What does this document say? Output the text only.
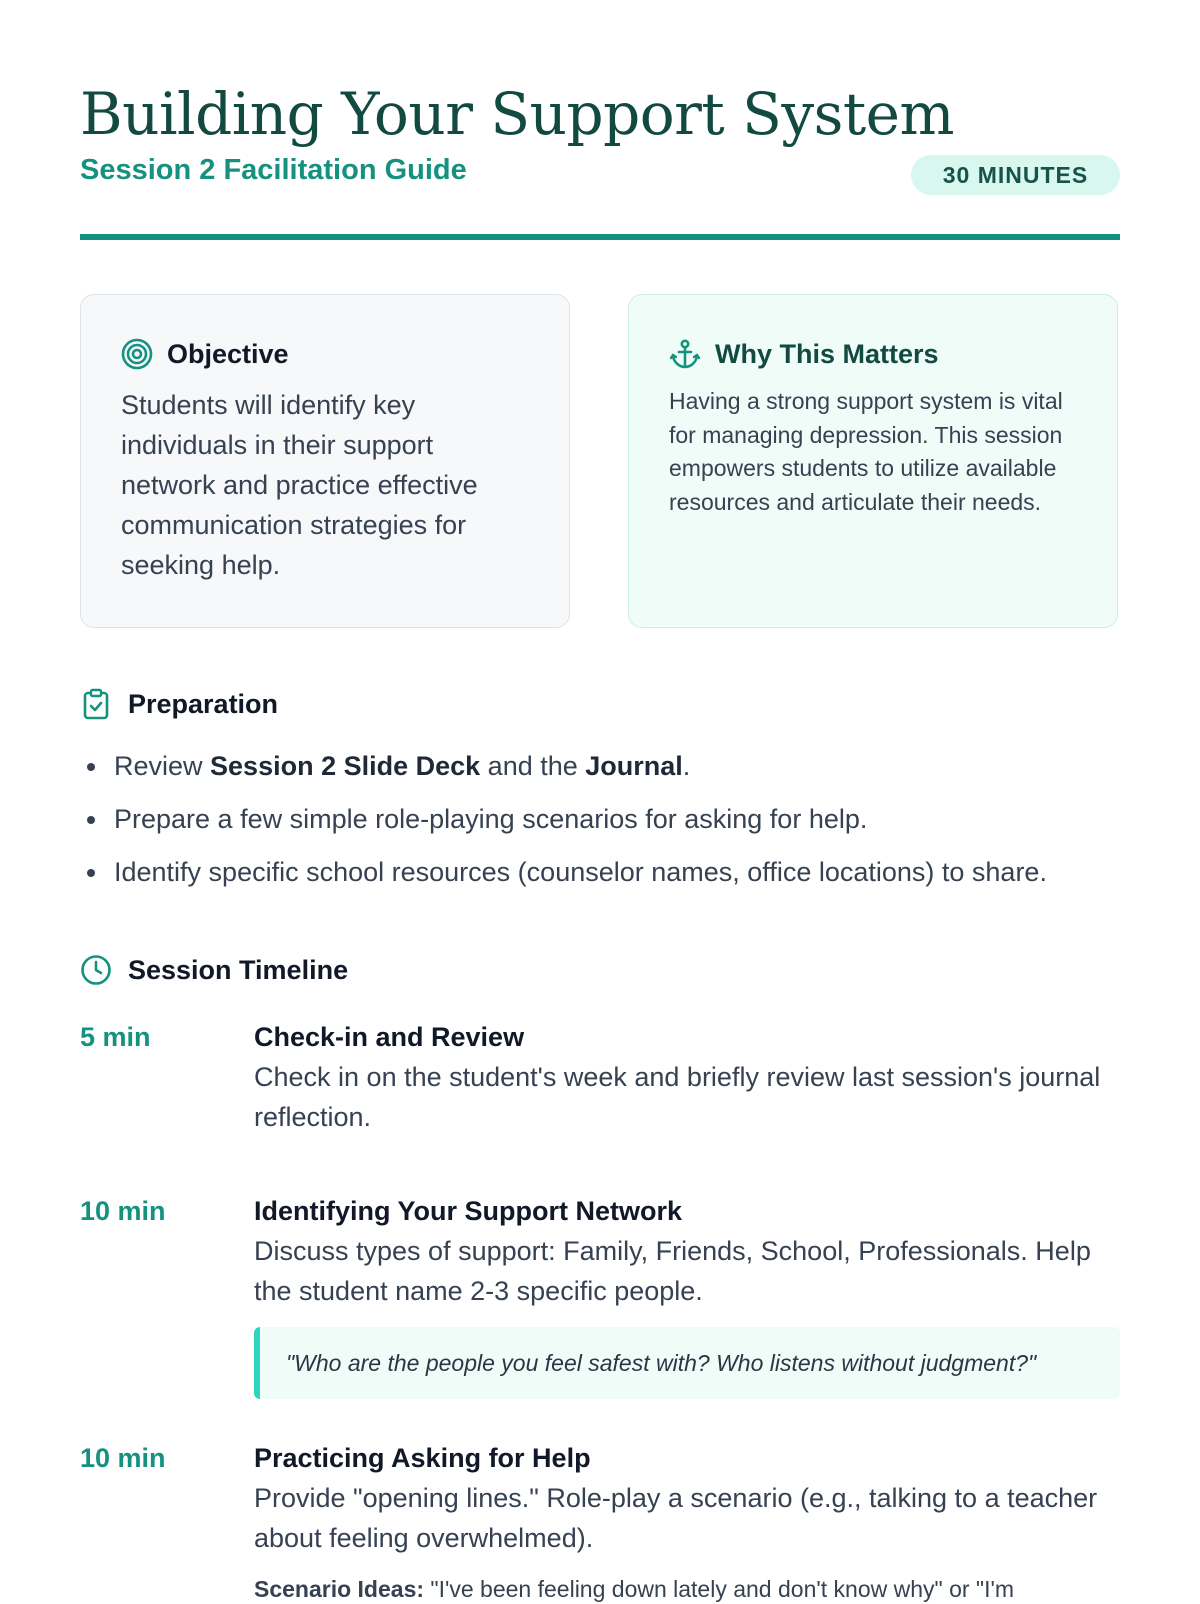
Building Your Support System
Session 2 Facilitation Guide	30 MINUTES
Objective

Students will identify key individuals in their support network and practice effective communication strategies for seeking help.

Why This Matters

Having a strong support system is vital for managing depression. This session empowers students to utilize available resources and articulate their needs.

Preparation
Review Session 2 Slide Deck and the Journal.
Prepare a few simple role-playing scenarios for asking for help.
Identify specific school resources (counselor names, office locations) to share.
Session Timeline
5 min	Check-in and Review

Check in on the student's week and briefly review last session's journal reflection.

10 min	Identifying Your Support Network

Discuss types of support: Family, Friends, School, Professionals. Help the student name 2-3 specific people.

"Who are the people you feel safest with? Who listens without judgment?"
10 min	Practicing Asking for Help

Provide "opening lines." Role-play a scenario (e.g., talking to a teacher about feeling overwhelmed).

Scenario Ideas: "I've been feeling down lately and don't know why" or "I'm
